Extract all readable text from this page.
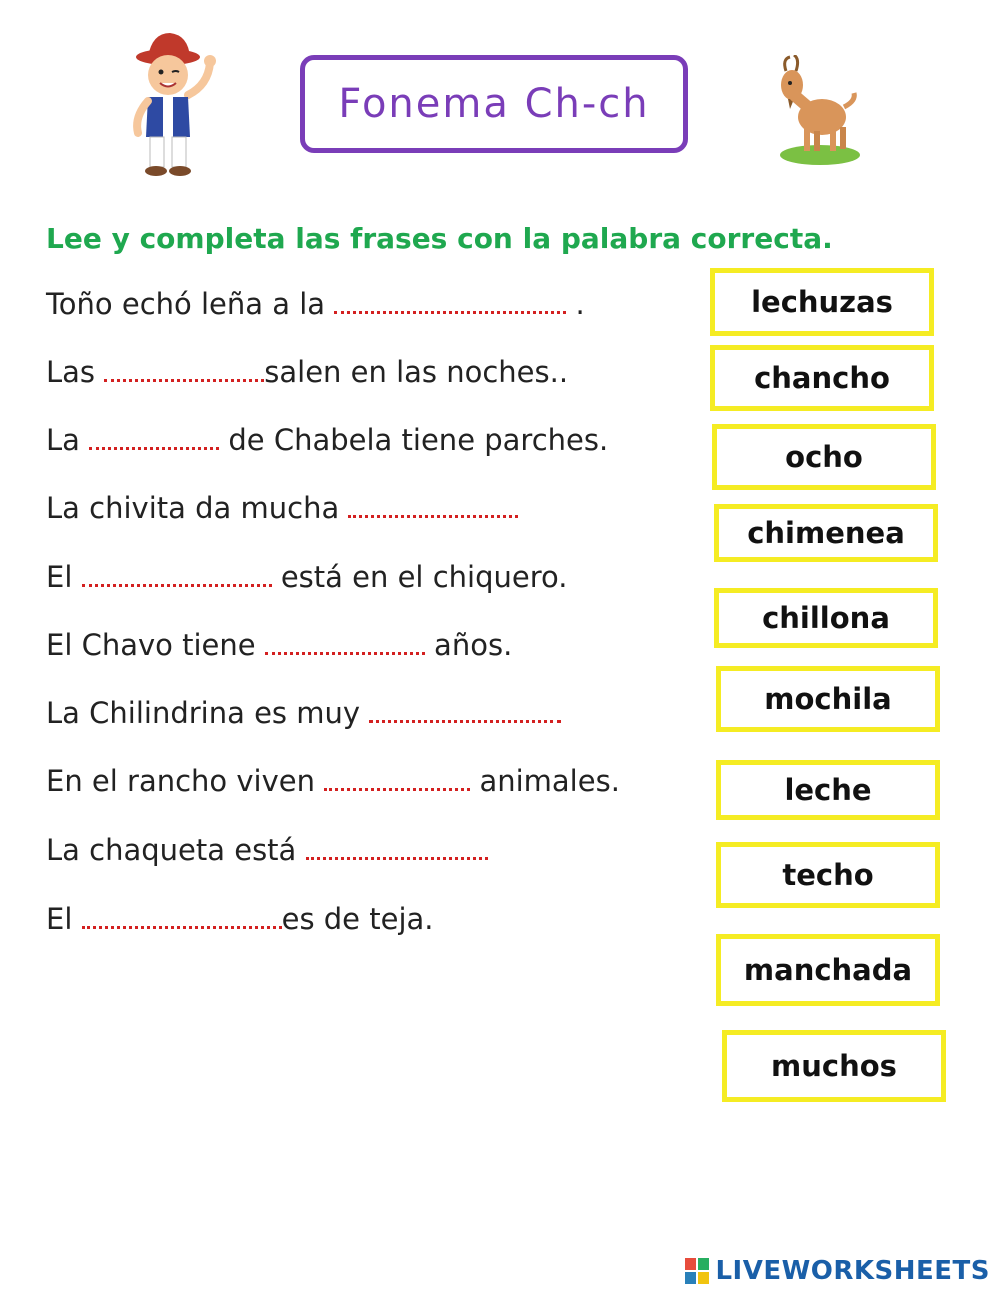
Fonema Ch-ch
Lee y completa las frases con la palabra correcta.
Toño echó leña a la	.
Las	salen en las noches..
La	de Chabela tiene parches.
La chivita da mucha
El	está en el chiquero.
El Chavo tiene	años.
La Chilindrina es muy
En el rancho viven	animales.
La chaqueta está
El	es de teja.
lechuzas
chancho
ocho
chimenea
chillona
mochila
leche
techo
manchada
muchos
LIVEWORKSHEETS
